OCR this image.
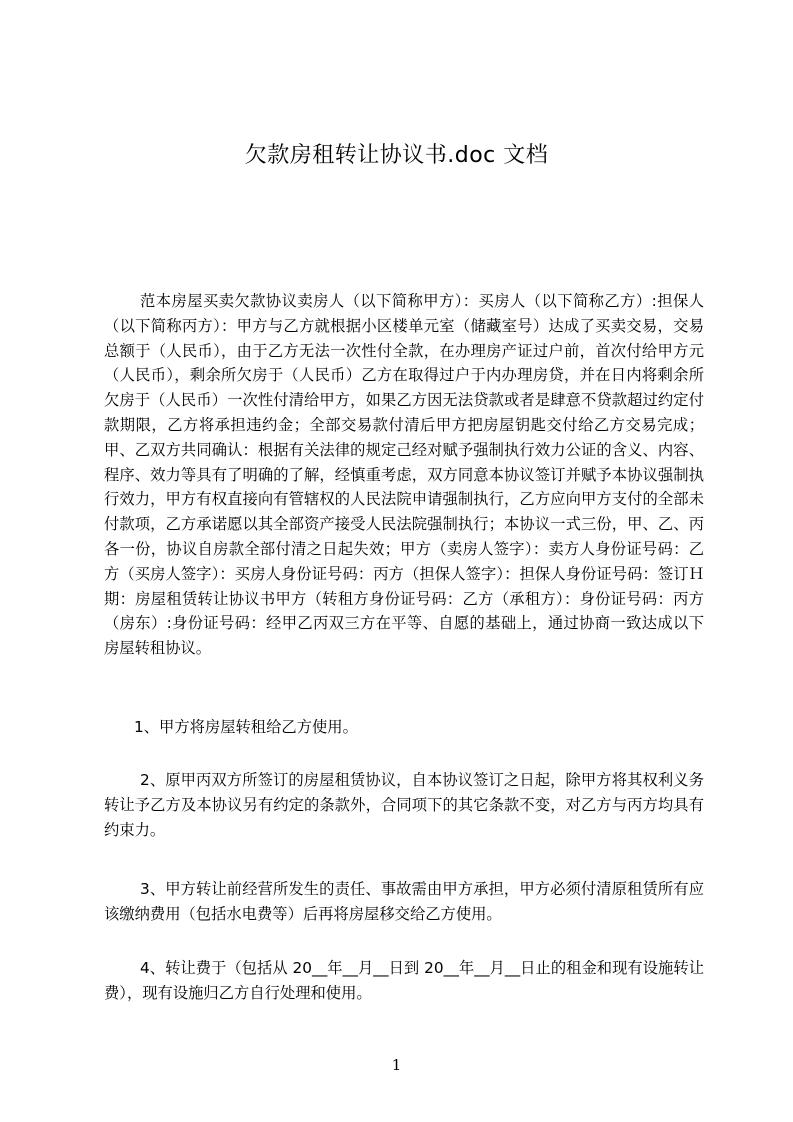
欠款房租转让协议书.doc 文档

范本房屋买卖欠款协议卖房人（以下简称甲方）：买房人（以下简称乙方）:担保人（以下简称丙方）：甲方与乙方就根据小区楼单元室（储藏室号）达成了买卖交易，交易总额于（人民币），由于乙方无法一次性付全款，在办理房产证过户前，首次付给甲方元（人民币），剩余所欠房于（人民币）乙方在取得过户于内办理房贷，并在日内将剩余所欠房于（人民币）一次性付清给甲方，如果乙方因无法贷款或者是肆意不贷款超过约定付款期限，乙方将承担违约金；全部交易款付清后甲方把房屋钥匙交付给乙方交易完成；甲、乙双方共同确认：根据有关法律的规定己经对赋予强制执行效力公证的含义、内容、程序、效力等具有了明确的了解，经慎重考虑，双方同意本协议签订并赋予本协议强制执行效力，甲方有权直接向有管辖权的人民法院申请强制执行，乙方应向甲方支付的全部未付款项，乙方承诺愿以其全部资产接受人民法院强制执行；本协议一式三份，甲、乙、丙各一份，协议自房款全部付清之日起失效；甲方（卖房人签字）：卖方人身份证号码：乙方（买房人签字）：买房人身份证号码：丙方（担保人签字）：担保人身份证号码：签订Ｈ期：房屋租赁转让协议书甲方（转租方身份证号码：乙方（承租方）：身份证号码：丙方（房东）:身份证号码：经甲乙丙双三方在平等、自愿的基础上，通过协商一致达成以下房屋转租协议。

1、甲方将房屋转租给乙方使用。

2、原甲丙双方所签订的房屋租赁协议，自本协议签订之日起，除甲方将其权利义务转让予乙方及本协议另有约定的条款外，合同项下的其它条款不变，对乙方与丙方均具有约束力。

3、甲方转让前经营所发生的责任、事故需由甲方承担，甲方必须付清原租赁所有应该缴纳费用（包括水电费等）后再将房屋移交给乙方使用。

4、转让费于（包括从 20__年__月__日到 20__年__月__日止的租金和现有设施转让费），现有设施归乙方自行处理和使用。

1
